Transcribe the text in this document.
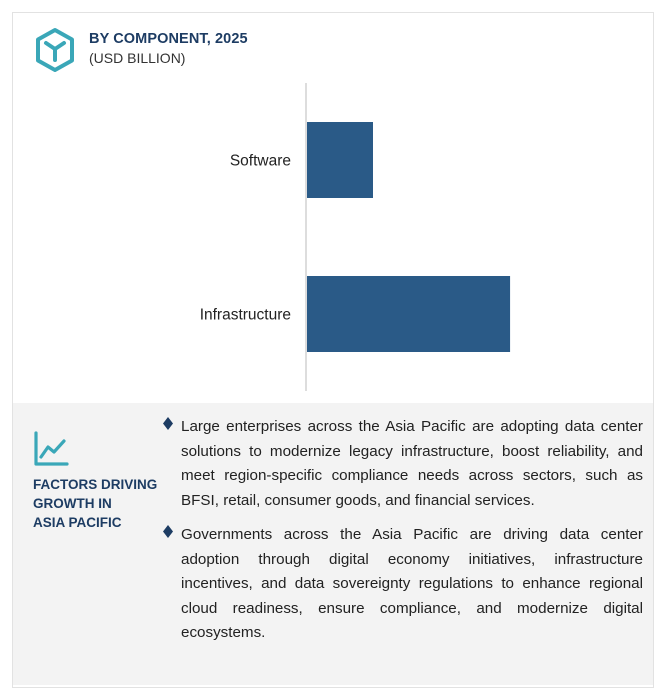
BY COMPONENT, 2025
(USD BILLION)
Software
Infrastructure
FACTORS DRIVING
GROWTH IN
ASIA PACIFIC
Large enterprises across the Asia Pacific are adopting data center solutions to modernize legacy infrastructure, boost reliability, and meet region-specific compliance needs across sectors, such as BFSI, retail, consumer goods, and financial services.
Governments across the Asia Pacific are driving data center adoption through digital economy initiatives, infrastructure incentives, and data sovereignty regulations to enhance regional cloud readiness, ensure compliance, and modernize digital ecosystems.
